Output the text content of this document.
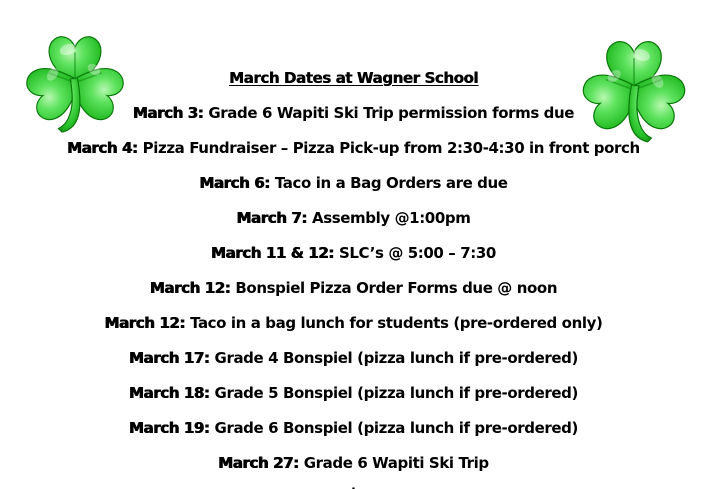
March Dates at Wagner School
March 3: Grade 6 Wapiti Ski Trip permission forms due
March 4: Pizza Fundraiser – Pizza Pick-up from 2:30-4:30 in front porch
March 6: Taco in a Bag Orders are due
March 7: Assembly @1:00pm
March 11 & 12: SLC’s @ 5:00 – 7:30
March 12: Bonspiel Pizza Order Forms due @ noon
March 12: Taco in a bag lunch for students (pre-ordered only)
March 17: Grade 4 Bonspiel (pizza lunch if pre-ordered)
March 18: Grade 5 Bonspiel (pizza lunch if pre-ordered)
March 19: Grade 6 Bonspiel (pizza lunch if pre-ordered)
March 27: Grade 6 Wapiti Ski Trip
.
